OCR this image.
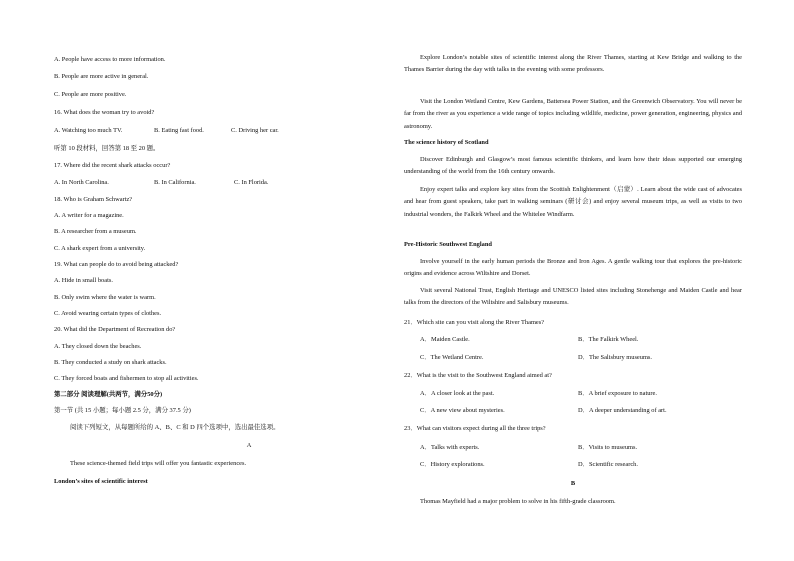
A. People have access to more information.
B. People are more active in general.
C. People are more positive.
16. What does the woman try to avoid?
A. Watching too much TV.	B. Eating fast food.	C. Driving her car.
听第 10 段材料，回答第 18 至 20 题。
17. Where did the recent shark attacks occur?
A. In North Carolina.	B. In California.	C. In Florida.
18. Who is Graham Schwartz?
A. A writer for a magazine.
B. A researcher from a museum.
C. A shark expert from a university.
19. What can people do to avoid being attacked?
A. Hide in small boats.
B. Only swim where the water is warm.
C. Avoid wearing certain types of clothes.
20. What did the Department of Recreation do?
A. They closed down the beaches.
B. They conducted a study on shark attacks.
C. They forced boats and fishermen to stop all activities.
第二部分 阅读理解(共两节，满分50分)
第一节 (共 15 小题；每小题 2.5 分，满分 37.5 分)
阅读下列短文，从每题所给的 A、B、C 和 D 四个选项中，选出最佳选项。
A
These science-themed field trips will offer you fantastic experiences.
London’s sites of scientific interest
Explore London’s notable sites of scientific interest along the River Thames, starting at Kew Bridge and walking to the Thames Barrier during the day with talks in the evening with some professors.
Visit the London Wetland Centre, Kew Gardens, Battersea Power Station, and the Greenwich Observatory. You will never be far from the river as you experience a wide range of topics including wildlife, medicine, power generation, engineering, physics and astronomy.
The science history of Scotland
Discover Edinburgh and Glasgow’s most famous scientific thinkers, and learn how their ideas supported our emerging understanding of the world from the 16th century onwards.
Enjoy expert talks and explore key sites from the Scottish Enlightenment（启蒙）. Learn about the wide cast of advocates and hear from guest speakers, take part in walking seminars (研讨会) and enjoy several museum trips, as well as visits to two industrial wonders, the Falkirk Wheel and the Whitelee Windfarm.
Pre-Historic Southwest England
Involve yourself in the early human periods the Bronze and Iron Ages. A gentle walking tour that explores the pre-historic origins and evidence across Wiltshire and Dorset.
Visit several National Trust, English Heritage and UNESCO listed sites including Stonehenge and Maiden Castle and hear talks from the directors of the Wiltshire and Salisbury museums.
21．Which site can you visit along the River Thames?
A．Maiden Castle.	B．The Falkirk Wheel.
C．The Wetland Centre.	D．The Salisbury museums.
22．What is the visit to the Southwest England aimed at?
A．A closer look at the past.	B．A brief exposure to nature.
C．A new view about mysteries.	D．A deeper understanding of art.
23．What can visitors expect during all the three trips?
A．Talks with experts.	B．Visits to museums.
C．History explorations.	D．Scientific research.
B
Thomas Mayfield had a major problem to solve in his fifth-grade classroom.
